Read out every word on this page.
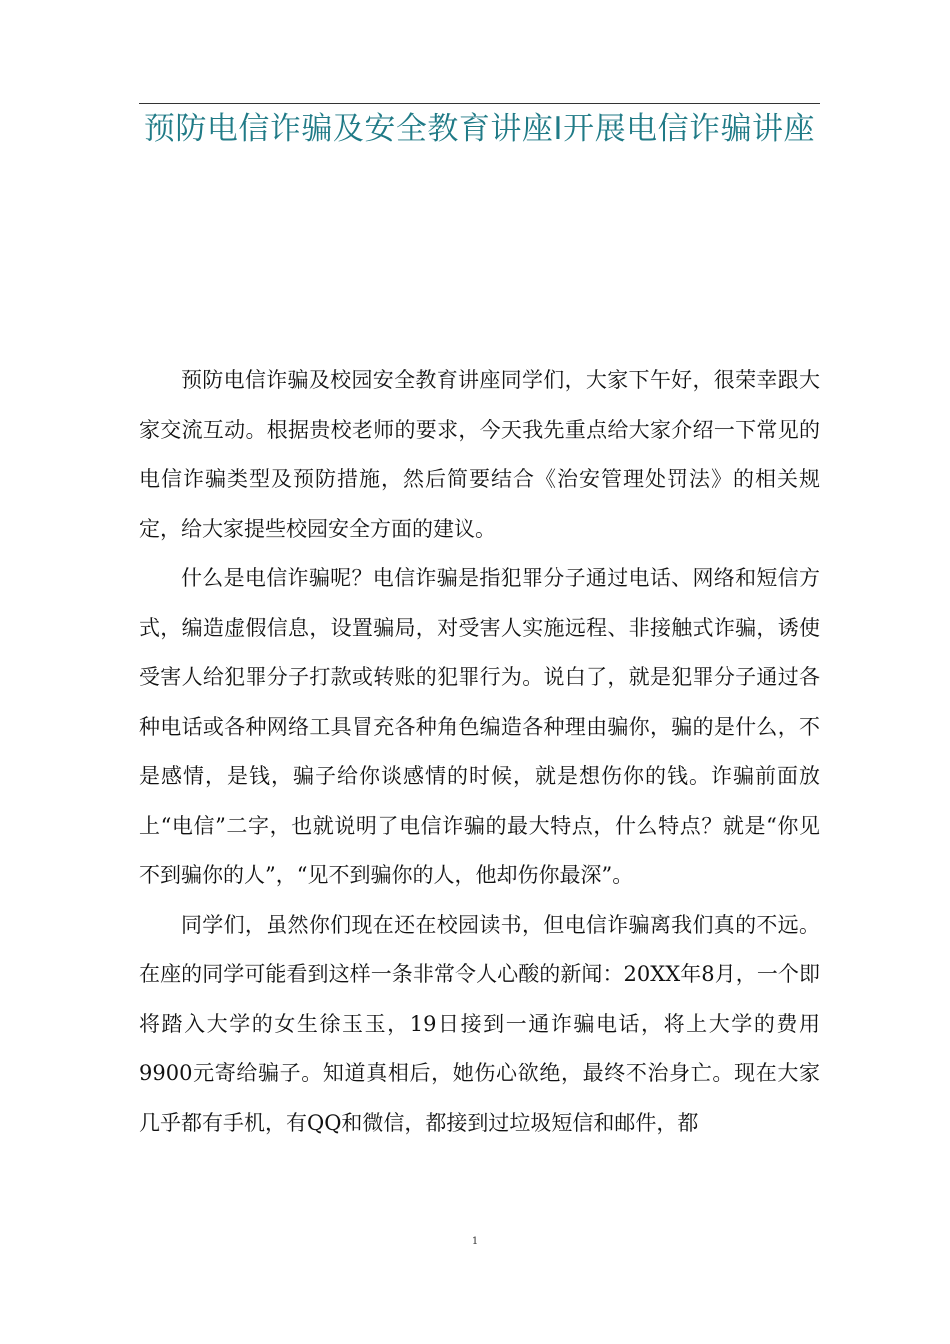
预防电信诈骗及安全教育讲座I开展电信诈骗讲座

预防电信诈骗及校园安全教育讲座同学们，大家下午好，很荣幸跟大家交流互动。根据贵校老师的要求，今天我先重点给大家介绍一下常见的电信诈骗类型及预防措施，然后简要结合《治安管理处罚法》的相关规定，给大家提些校园安全方面的建议。

什么是电信诈骗呢？电信诈骗是指犯罪分子通过电话、网络和短信方式，编造虚假信息，设置骗局，对受害人实施远程、非接触式诈骗，诱使受害人给犯罪分子打款或转账的犯罪行为。说白了，就是犯罪分子通过各种电话或各种网络工具冒充各种角色编造各种理由骗你，骗的是什么，不是感情，是钱，骗子给你谈感情的时候，就是想伤你的钱。诈骗前面放上“电信”二字，也就说明了电信诈骗的最大特点，什么特点？就是“你见不到骗你的人”，“见不到骗你的人，他却伤你最深”。

同学们，虽然你们现在还在校园读书，但电信诈骗离我们真的不远。在座的同学可能看到这样一条非常令人心酸的新闻：20XX年8月，一个即将踏入大学的女生徐玉玉，19日接到一通诈骗电话，将上大学的费用9900元寄给骗子。知道真相后，她伤心欲绝，最终不治身亡。现在大家几乎都有手机，有QQ和微信，都接到过垃圾短信和邮件，都

1
